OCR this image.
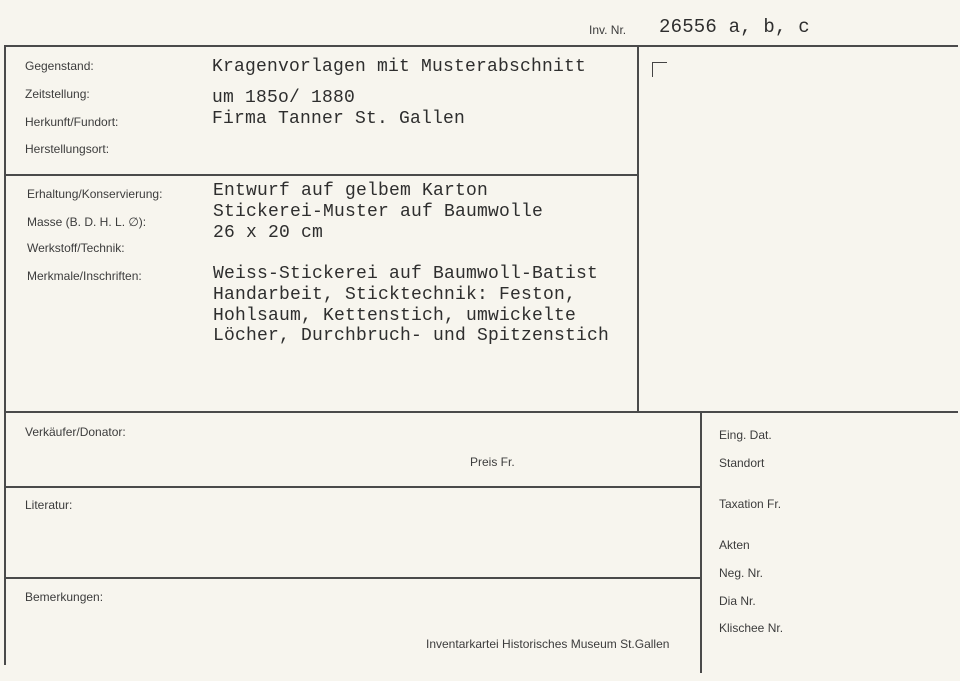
Inv. Nr. 26556 a, b, c
Gegenstand:
Zeitstellung:
Herkunft/Fundort:
Herstellungsort:
Kragenvorlagen mit Musterabschnitt
um 185o/ 1880
Firma Tanner St. Gallen
Erhaltung/Konservierung:
Masse (B. D. H. L. ∅):
Werkstoff/Technik:
Merkmale/Inschriften:
Entwurf auf gelbem Karton
Stickerei-Muster auf Baumwolle
26 x 20 cm
Weiss-Stickerei auf Baumwoll-Batist
Handarbeit, Sticktechnik: Feston,
Hohlsaum, Kettenstich, umwickelte
Löcher, Durchbruch- und Spitzenstich
Verkäufer/Donator:
Preis Fr.
Literatur:
Bemerkungen:
Inventarkartei Historisches Museum St.Gallen
Eing. Dat.
Standort
Taxation Fr.
Akten
Neg. Nr.
Dia Nr.
Klischee Nr.
